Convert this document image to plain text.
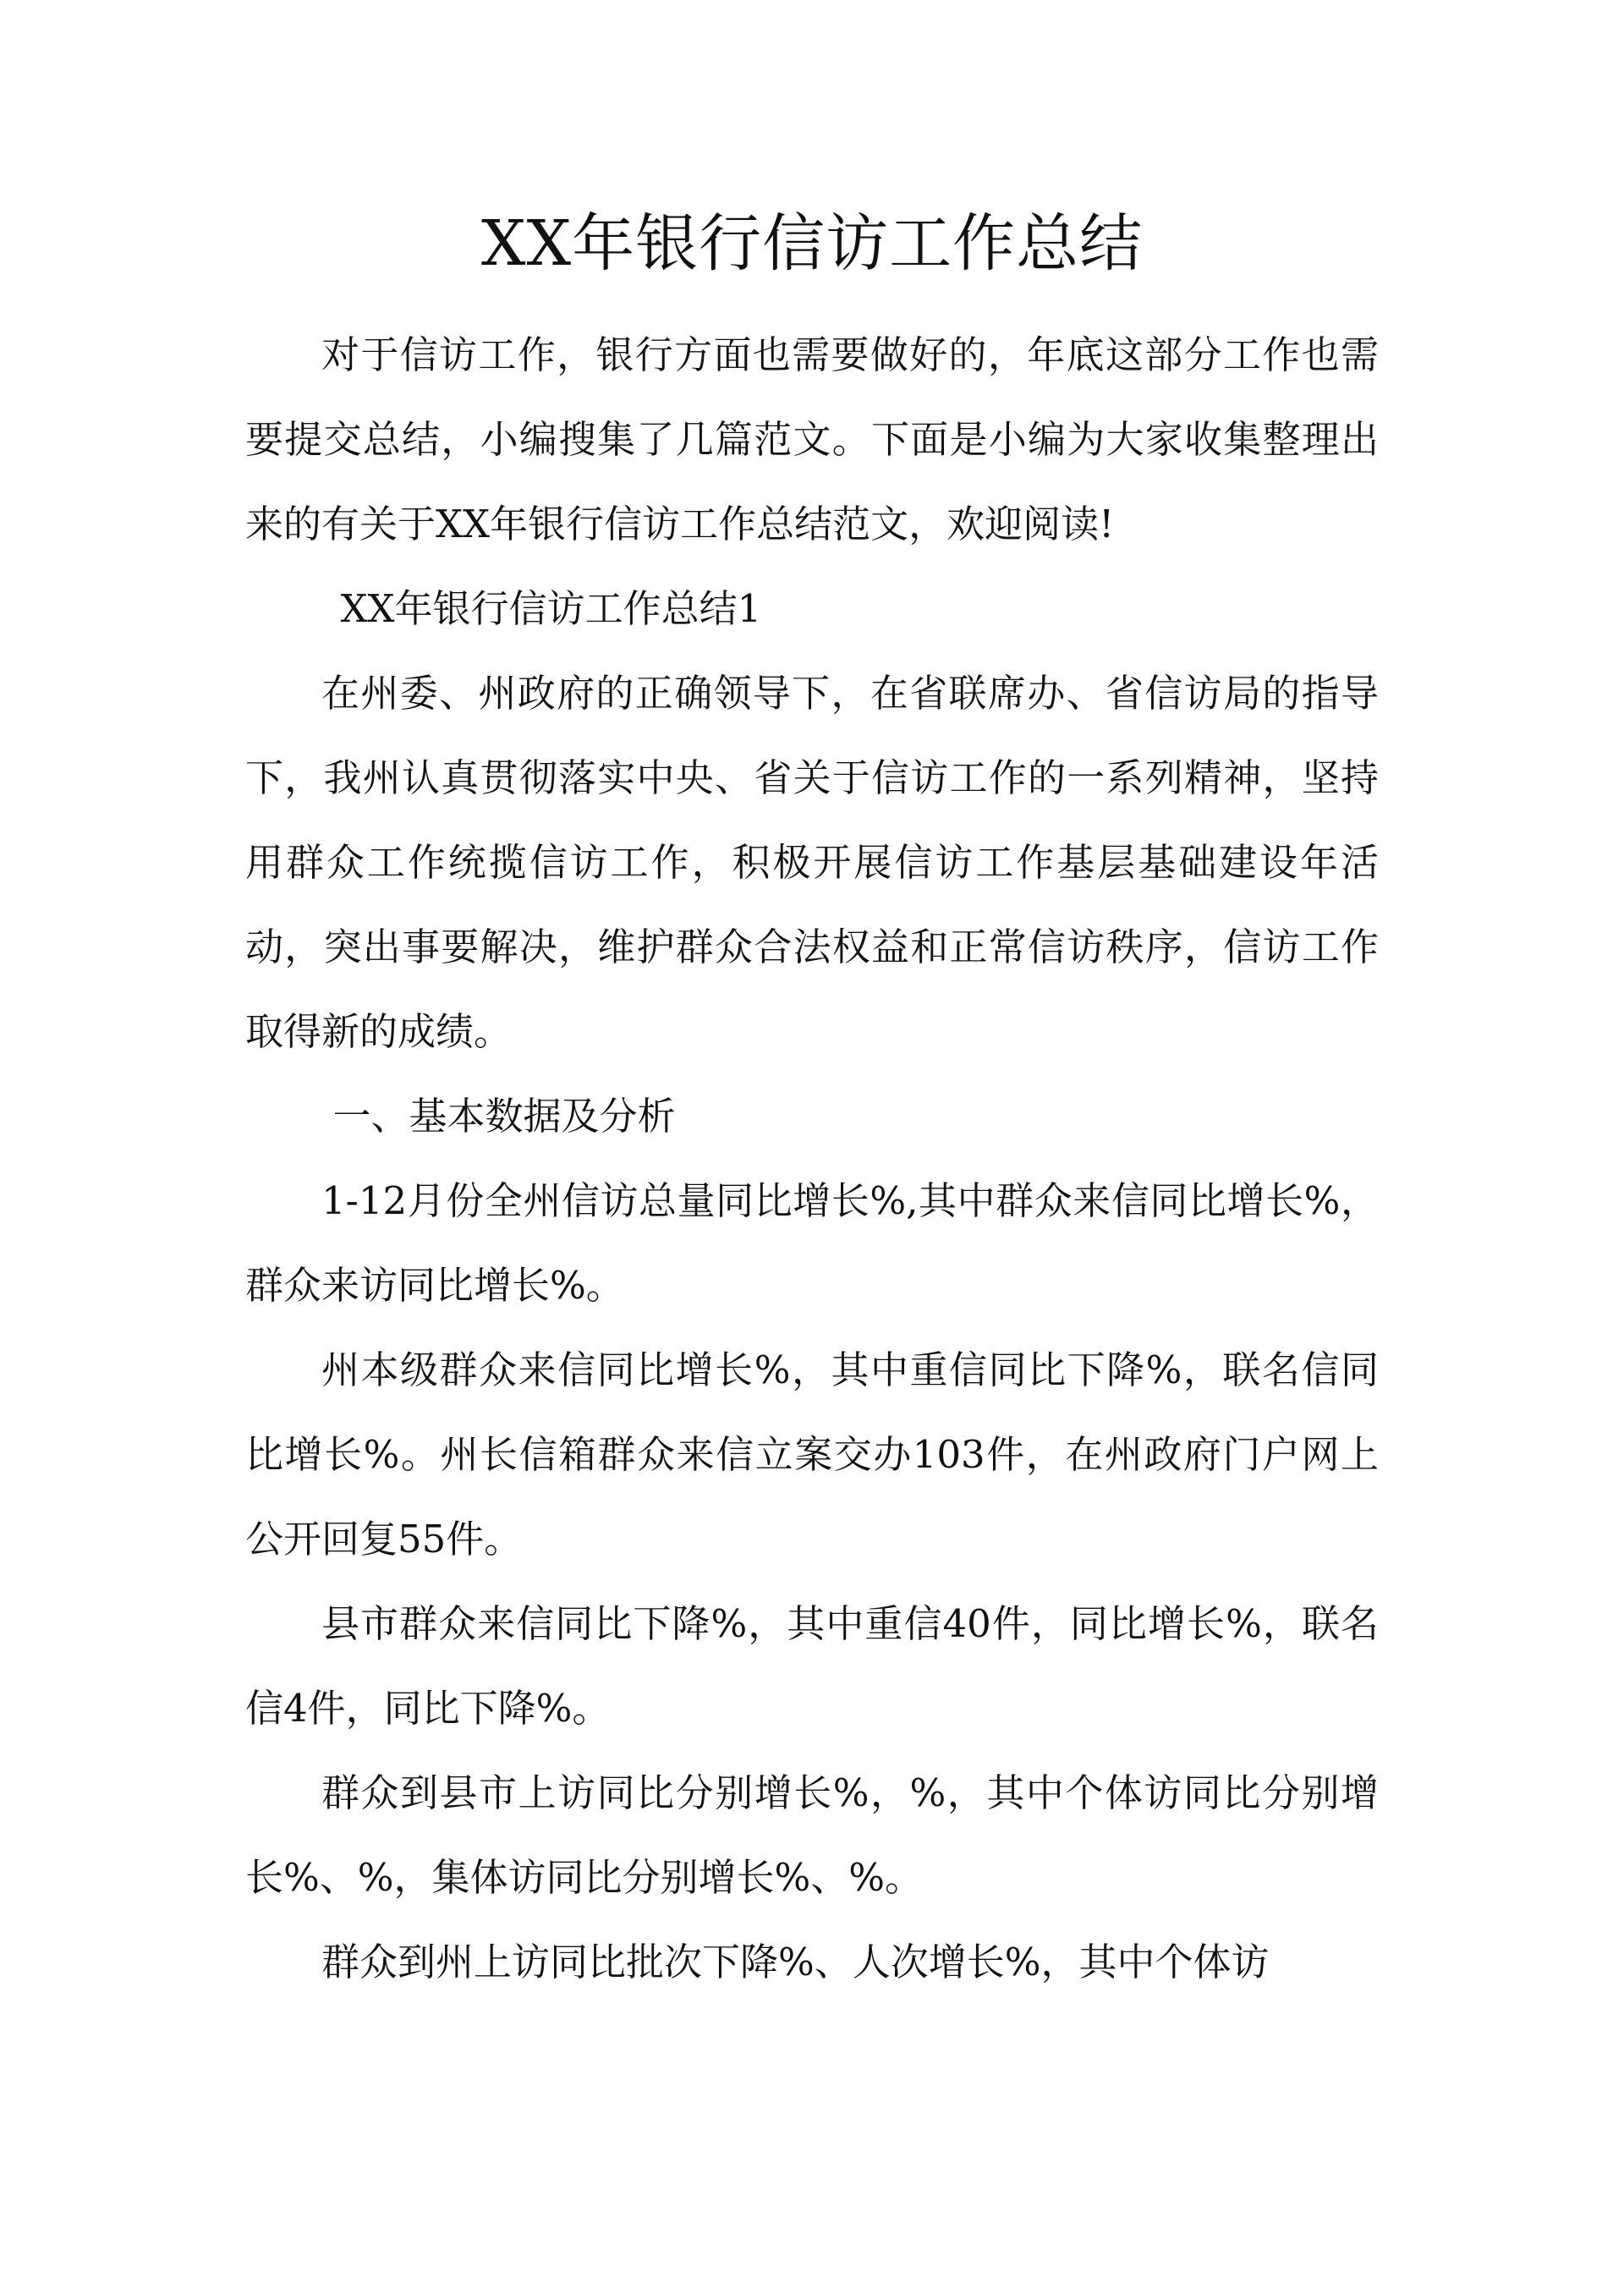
XX年银行信访工作总结

对于信访工作，银行方面也需要做好的，年底这部分工作也需要提交总结，小编搜集了几篇范文。下面是小编为大家收集整理出来的有关于XX年银行信访工作总结范文，欢迎阅读!

XX年银行信访工作总结1

在州委、州政府的正确领导下，在省联席办、省信访局的指导下，我州认真贯彻落实中央、省关于信访工作的一系列精神，坚持用群众工作统揽信访工作，积极开展信访工作基层基础建设年活动，突出事要解决，维护群众合法权益和正常信访秩序，信访工作取得新的成绩。

一、基本数据及分析

1-12月份全州信访总量同比增长%,其中群众来信同比增长%，群众来访同比增长%。

州本级群众来信同比增长%，其中重信同比下降%，联名信同比增长%。州长信箱群众来信立案交办103件，在州政府门户网上公开回复55件。

县市群众来信同比下降%，其中重信40件，同比增长%，联名信4件，同比下降%。

群众到县市上访同比分别增长%，%，其中个体访同比分别增长%、%，集体访同比分别增长%、%。

群众到州上访同比批次下降%、人次增长%，其中个体访
